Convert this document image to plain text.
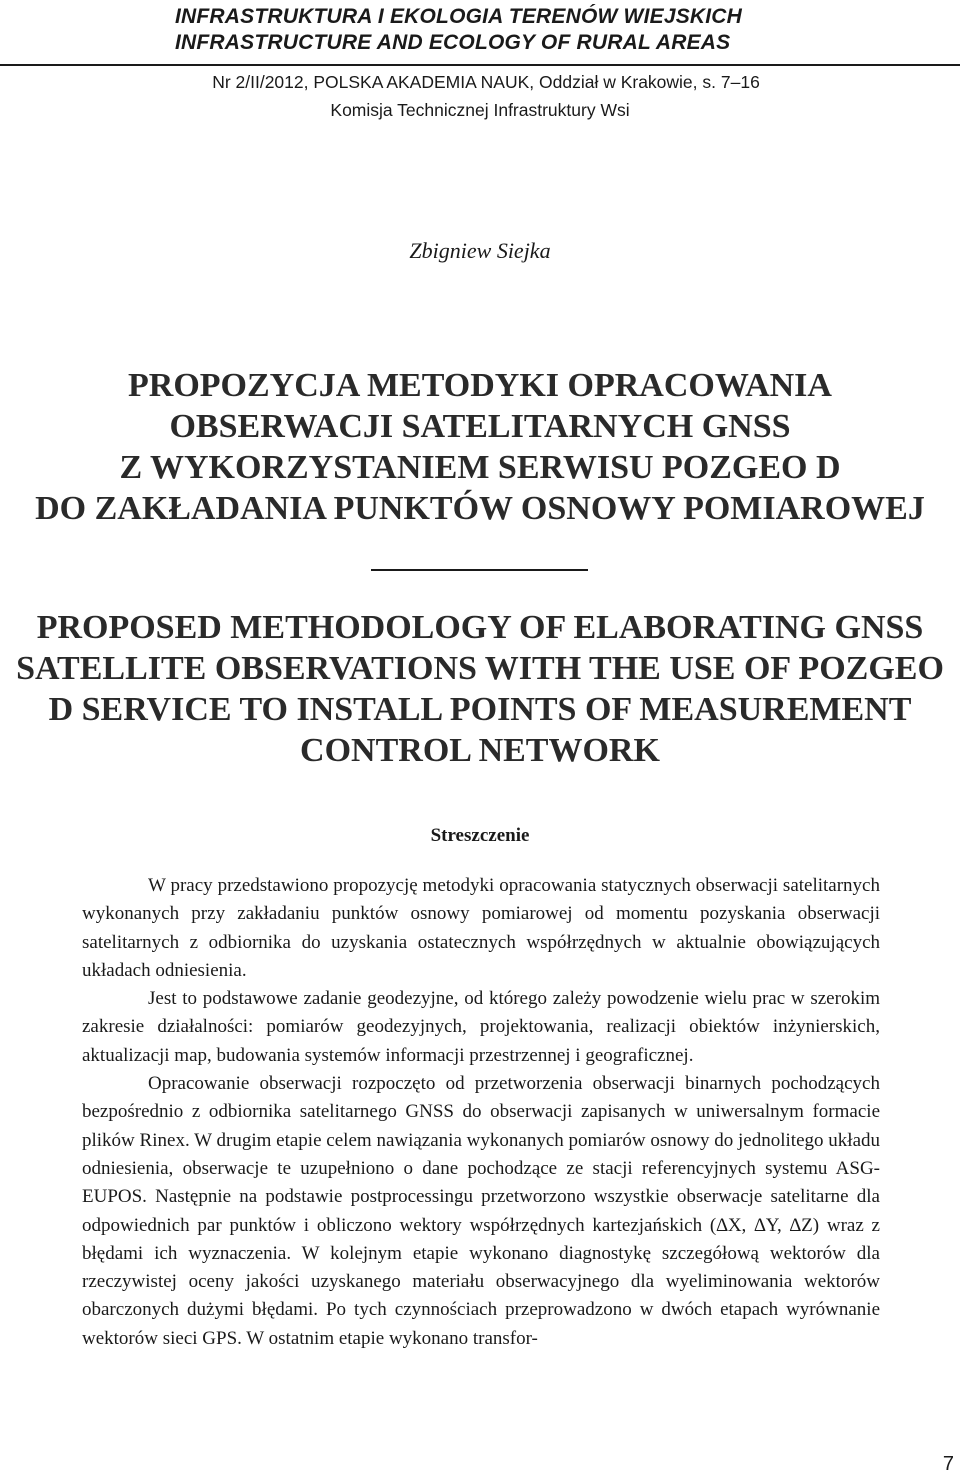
INFRASTRUKTURA I EKOLOGIA TERENÓW WIEJSKICH
INFRASTRUCTURE AND ECOLOGY OF RURAL AREAS
Nr 2/II/2012, POLSKA AKADEMIA NAUK, Oddział w Krakowie, s. 7–16
Komisja Technicznej Infrastruktury Wsi
Zbigniew Siejka
PROPOZYCJA METODYKI OPRACOWANIA
OBSERWACJI SATELITARNYCH GNSS
Z WYKORZYSTANIEM SERWISU POZGEO D
DO ZAKŁADANIA PUNKTÓW OSNOWY POMIAROWEJ
PROPOSED METHODOLOGY OF ELABORATING GNSS
SATELLITE OBSERVATIONS WITH THE USE OF POZGEO
D SERVICE TO INSTALL POINTS OF MEASUREMENT
CONTROL NETWORK
Streszczenie

W pracy przedstawiono propozycję metodyki opracowania statycznych obserwacji satelitarnych wykonanych przy zakładaniu punktów osnowy pomiarowej od momentu pozyskania obserwacji satelitarnych z odbiornika do uzyskania ostatecznych współrzędnych w aktualnie obowiązujących układach odniesienia.

Jest to podstawowe zadanie geodezyjne, od którego zależy powodzenie wielu prac w szerokim zakresie działalności: pomiarów geodezyjnych, projektowania, realizacji obiektów inżynierskich, aktualizacji map, budowania systemów informacji przestrzennej i geograficznej.

Opracowanie obserwacji rozpoczęto od przetworzenia obserwacji binarnych pochodzących bezpośrednio z odbiornika satelitarnego GNSS do obserwacji zapisanych w uniwersalnym formacie plików Rinex. W drugim etapie celem nawiązania wykonanych pomiarów osnowy do jednolitego układu odniesienia, obserwacje te uzupełniono o dane pochodzące ze stacji referencyjnych systemu ASG-EUPOS. Następnie na podstawie postprocessingu przetworzono wszystkie obserwacje satelitarne dla odpowiednich par punktów i obliczono wektory współrzędnych kartezjańskich (∆X, ∆Y, ∆Z) wraz z błędami ich wyznaczenia. W kolejnym etapie wykonano diagnostykę szczegółową wektorów dla rzeczywistej oceny jakości uzyskanego materiału obserwacyjnego dla wyeliminowania wektorów obarczonych dużymi błędami. Po tych czynnościach przeprowadzono w dwóch etapach wyrównanie wektorów sieci GPS. W ostatnim etapie wykonano transfor-

7
